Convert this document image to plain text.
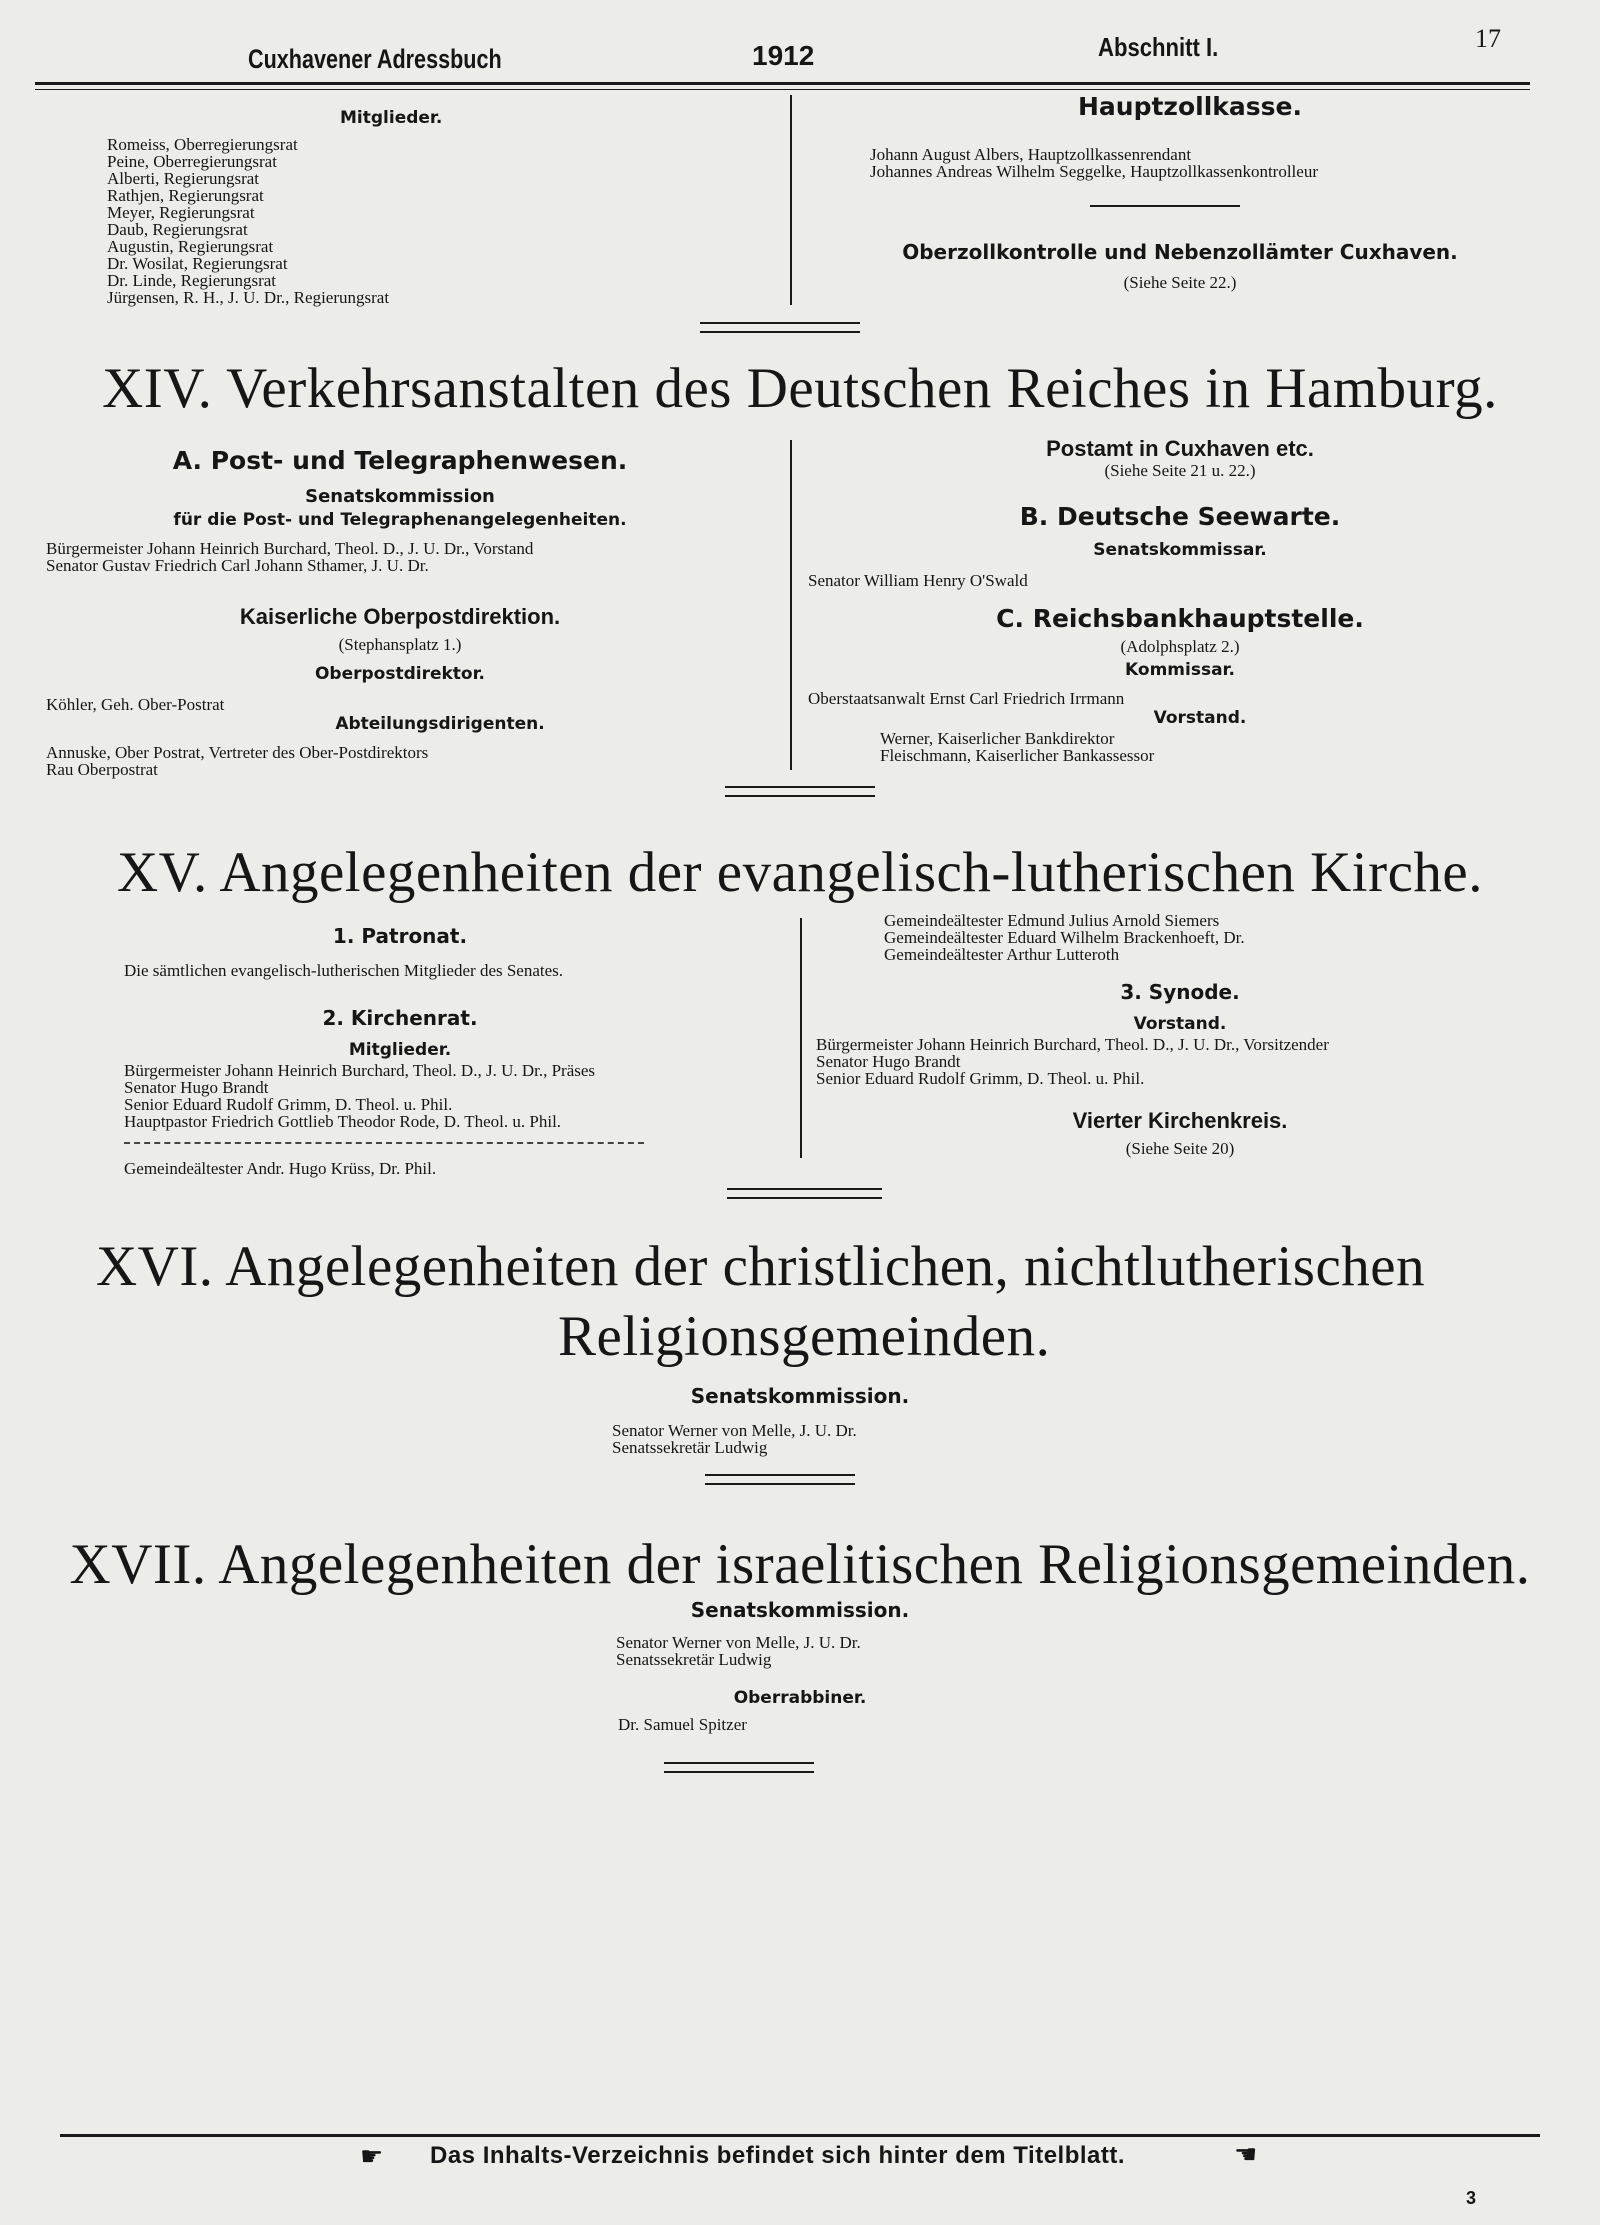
Cuxhavener Adressbuch	1912	Abschnitt I.	17
Mitglieder.
Romeiss, Oberregierungsrat
Peine, Oberregierungsrat
Alberti, Regierungsrat
Rathjen, Regierungsrat
Meyer, Regierungsrat
Daub, Regierungsrat
Augustin, Regierungsrat
Dr. Wosilat, Regierungsrat
Dr. Linde, Regierungsrat
Jürgensen, R. H., J. U. Dr., Regierungsrat
Hauptzollkasse.
Johann August Albers, Hauptzollkassenrendant
Johannes Andreas Wilhelm Seggelke, Hauptzollkassenkontrolleur
Oberzollkontrolle und Nebenzollämter Cuxhaven.
(Siehe Seite 22.)
XIV. Verkehrsanstalten des Deutschen Reiches in Hamburg.
A. Post- und Telegraphenwesen.
Senatskommission
für die Post- und Telegraphenangelegenheiten.
Bürgermeister Johann Heinrich Burchard, Theol. D., J. U. Dr., Vorstand
Senator Gustav Friedrich Carl Johann Sthamer, J. U. Dr.
Kaiserliche Oberpostdirektion.
(Stephansplatz 1.)
Oberpostdirektor.
Köhler, Geh. Ober-Postrat
Abteilungsdirigenten.
Annuske, Ober Postrat, Vertreter des Ober-Postdirektors
Rau Oberpostrat
Postamt in Cuxhaven etc.
(Siehe Seite 21 u. 22.)
B. Deutsche Seewarte.
Senatskommissar.
Senator William Henry O'Swald
C. Reichsbankhauptstelle.
(Adolphsplatz 2.)
Kommissar.
Oberstaatsanwalt Ernst Carl Friedrich Irrmann
Vorstand.
Werner, Kaiserlicher Bankdirektor
Fleischmann, Kaiserlicher Bankassessor
XV. Angelegenheiten der evangelisch-lutherischen Kirche.
1. Patronat.
Die sämtlichen evangelisch-lutherischen Mitglieder des Senates.
2. Kirchenrat.
Mitglieder.
Bürgermeister Johann Heinrich Burchard, Theol. D., J. U. Dr., Präses
Senator Hugo Brandt
Senior Eduard Rudolf Grimm, D. Theol. u. Phil.
Hauptpastor Friedrich Gottlieb Theodor Rode, D. Theol. u. Phil.
Gemeindeältester Andr. Hugo Krüss, Dr. Phil.
Gemeindeältester Edmund Julius Arnold Siemers
Gemeindeältester Eduard Wilhelm Brackenhoeft, Dr.
Gemeindeältester Arthur Lutteroth
3. Synode.
Vorstand.
Bürgermeister Johann Heinrich Burchard, Theol. D., J. U. Dr., Vorsitzender
Senator Hugo Brandt
Senior Eduard Rudolf Grimm, D. Theol. u. Phil.
Vierter Kirchenkreis.
(Siehe Seite 20)
XVI. Angelegenheiten der christlichen, nichtlutherischen
Religionsgemeinden.
Senatskommission.
Senator Werner von Melle, J. U. Dr.
Senatssekretär Ludwig
XVII. Angelegenheiten der israelitischen Religionsgemeinden.
Senatskommission.
Senator Werner von Melle, J. U. Dr.
Senatssekretär Ludwig
Oberrabbiner.
Dr. Samuel Spitzer
☛ Das Inhalts-Verzeichnis befindet sich hinter dem Titelblatt.	☚
3
